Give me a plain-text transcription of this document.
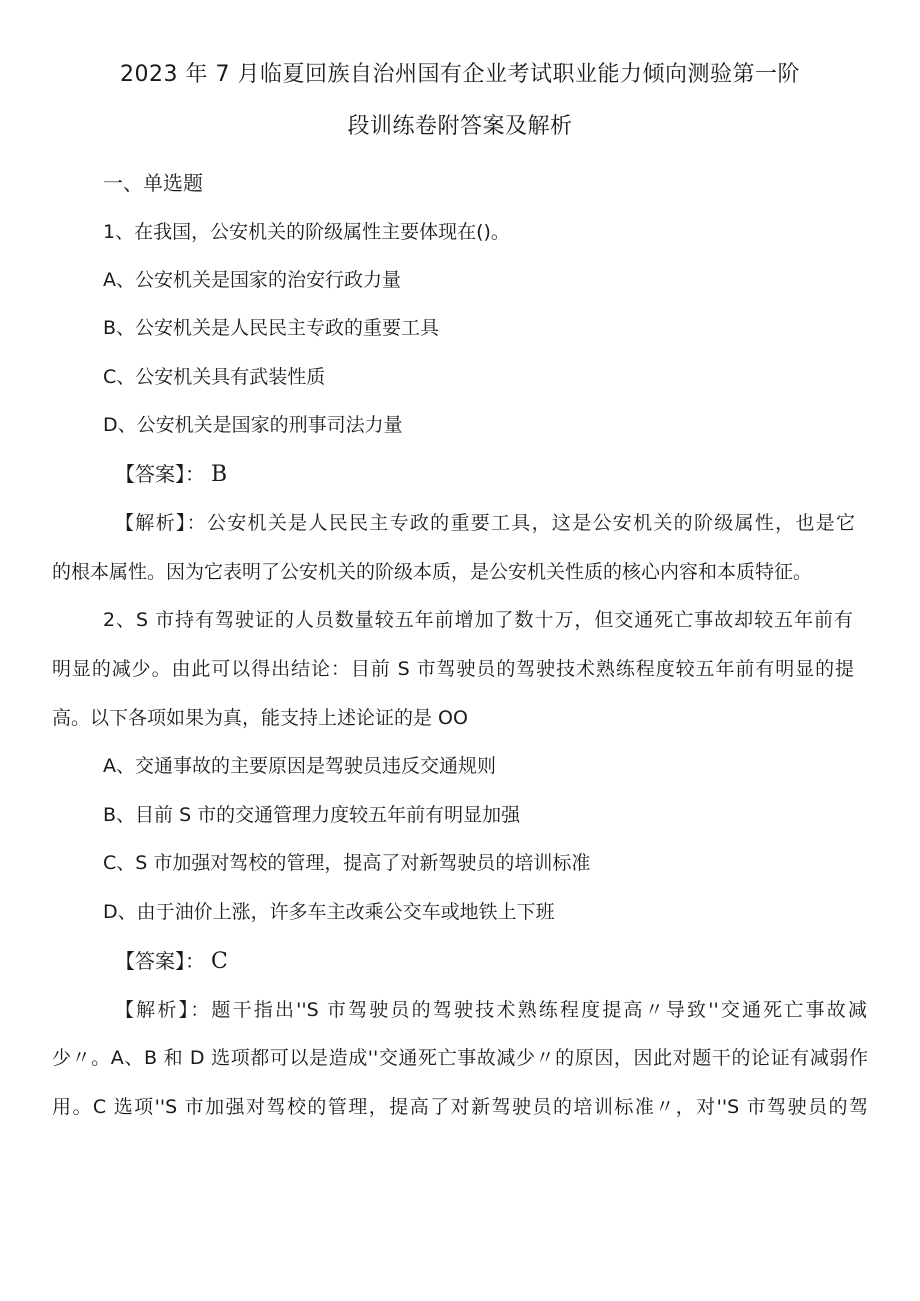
2023 年 7 月临夏回族自治州国有企业考试职业能力倾向测验第一阶
段训练卷附答案及解析
一、单选题
1、在我国，公安机关的阶级属性主要体现在()。
A、公安机关是国家的治安行政力量
B、公安机关是人民民主专政的重要工具
C、公安机关具有武装性质
D、公安机关是国家的刑事司法力量
【答案】： B
【解析】：公安机关是人民民主专政的重要工具，这是公安机关的阶级属性，也是它
的根本属性。因为它表明了公安机关的阶级本质，是公安机关性质的核心内容和本质特征。
2、S 市持有驾驶证的人员数量较五年前增加了数十万，但交通死亡事故却较五年前有
明显的减少。由此可以得出结论：目前 S 市驾驶员的驾驶技术熟练程度较五年前有明显的提
高。以下各项如果为真，能支持上述论证的是 OO
A、交通事故的主要原因是驾驶员违反交通规则
B、目前 S 市的交通管理力度较五年前有明显加强
C、S 市加强对驾校的管理，提高了对新驾驶员的培训标准
D、由于油价上涨，许多车主改乘公交车或地铁上下班
【答案】： C
【解析】：题干指出''S 市驾驶员的驾驶技术熟练程度提高〃导致''交通死亡事故减
少〃。A、B 和 D 选项都可以是造成''交通死亡事故减少〃的原因，因此对题干的论证有减弱作
用。C 选项''S 市加强对驾校的管理，提高了对新驾驶员的培训标准〃，对''S 市驾驶员的驾
